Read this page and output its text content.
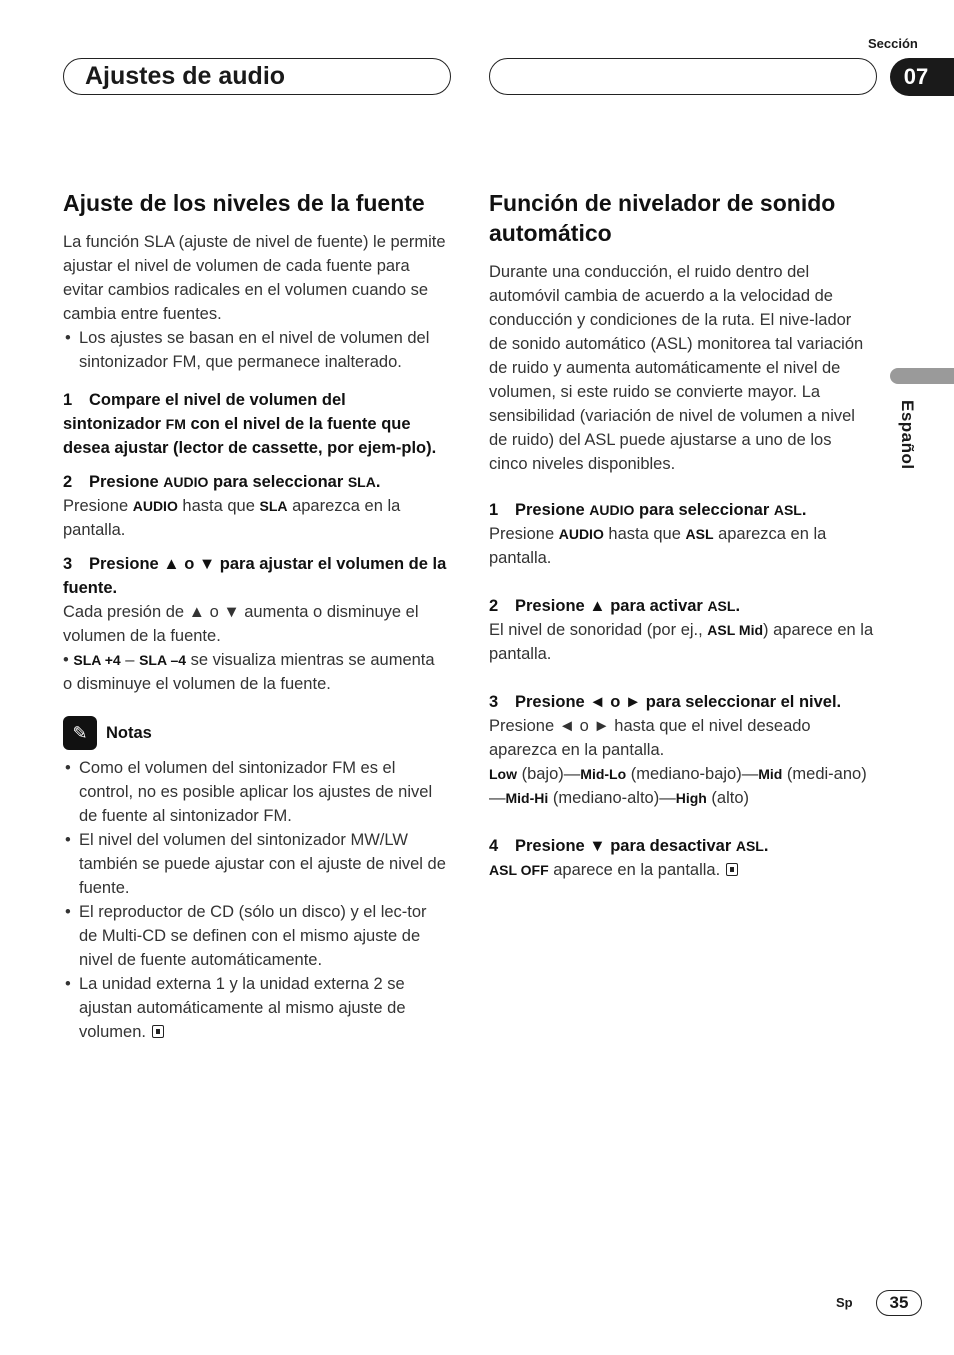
Sección
Ajustes de audio	07
Español
Ajuste de los niveles de la fuente

La función SLA (ajuste de nivel de fuente) le permite ajustar el nivel de volumen de cada fuente para evitar cambios radicales en el volumen cuando se cambia entre fuentes.

• Los ajustes se basan en el nivel de volumen del sintonizador FM, que permanece inalterado.

1 Compare el nivel de volumen del sintonizador FM con el nivel de la fuente que desea ajustar (lector de cassette, por ejem-plo).

2 Presione AUDIO para seleccionar SLA.

Presione AUDIO hasta que SLA aparezca en la pantalla.

3 Presione ▲ o ▼ para ajustar el volumen de la fuente.

Cada presión de ▲ o ▼ aumenta o disminuye el volumen de la fuente.

• SLA +4 – SLA –4 se visualiza mientras se aumenta o disminuye el volumen de la fuente.

✎	Notas

• Como el volumen del sintonizador FM es el control, no es posible aplicar los ajustes de nivel de fuente al sintonizador FM.

• El nivel del volumen del sintonizador MW/LW también se puede ajustar con el ajuste de nivel de fuente.

• El reproductor de CD (sólo un disco) y el lec-tor de Multi-CD se definen con el mismo ajuste de nivel de fuente automáticamente.

• La unidad externa 1 y la unidad externa 2 se ajustan automáticamente al mismo ajuste de volumen.

Función de nivelador de sonido automático

Durante una conducción, el ruido dentro del automóvil cambia de acuerdo a la velocidad de conducción y condiciones de la ruta. El nive-lador de sonido automático (ASL) monitorea tal variación de ruido y aumenta automáticamente el nivel de volumen, si este ruido se convierte mayor. La sensibilidad (variación de nivel de volumen a nivel de ruido) del ASL puede ajustarse a uno de los cinco niveles disponibles.

1 Presione AUDIO para seleccionar ASL.

Presione AUDIO hasta que ASL aparezca en la pantalla.

2 Presione ▲ para activar ASL.

El nivel de sonoridad (por ej., ASL Mid) aparece en la pantalla.

3 Presione ◄ o ► para seleccionar el nivel.

Presione ◄ o ► hasta que el nivel deseado aparezca en la pantalla.

Low (bajo)—Mid-Lo (mediano-bajo)—Mid (medi-ano)—Mid-Hi (mediano-alto)—High (alto)

4 Presione ▼ para desactivar ASL.

ASL OFF aparece en la pantalla.

Sp	35
